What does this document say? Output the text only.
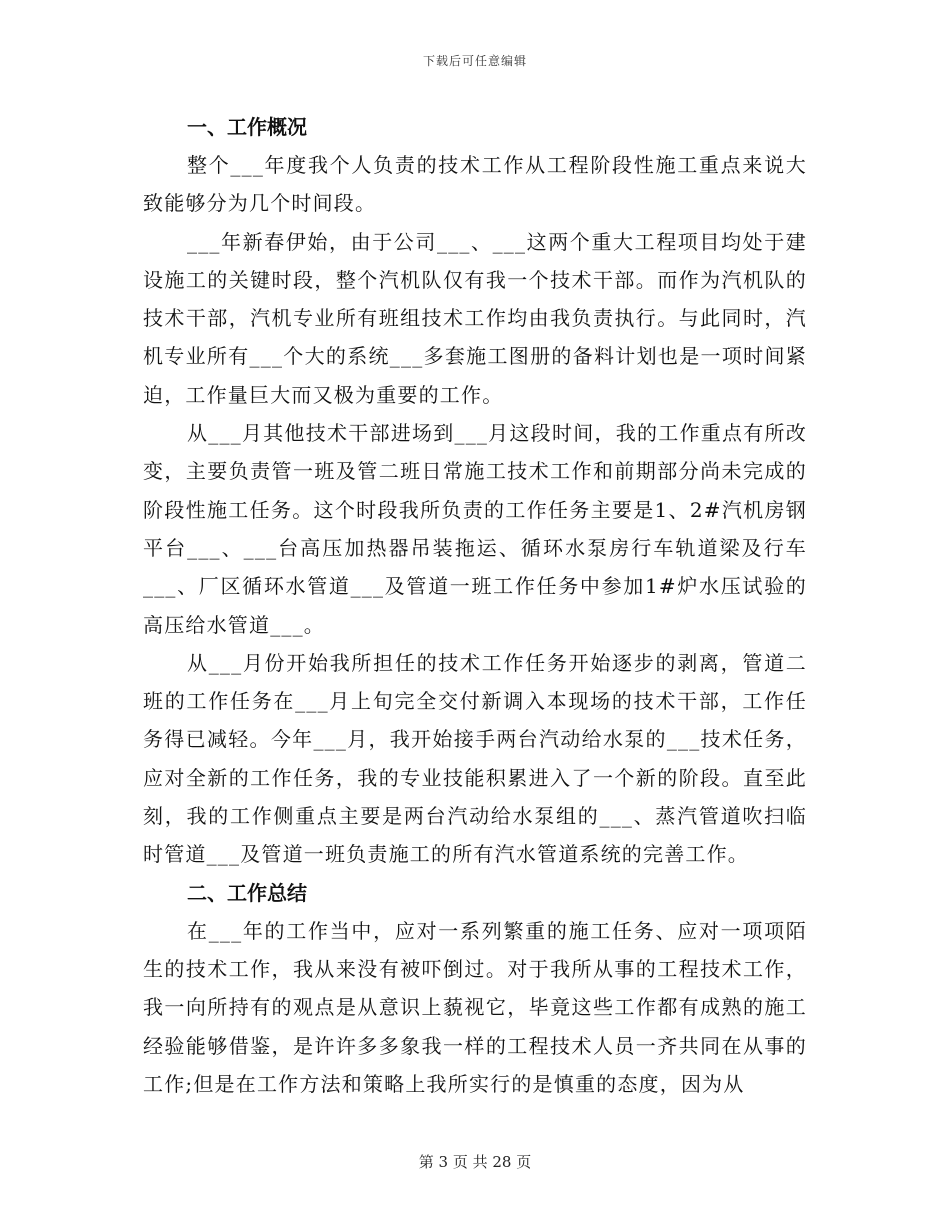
下载后可任意编辑
一、工作概况

整个___年度我个人负责的技术工作从工程阶段性施工重点来说大致能够分为几个时间段。

___年新春伊始，由于公司___、___这两个重大工程项目均处于建设施工的关键时段，整个汽机队仅有我一个技术干部。而作为汽机队的技术干部，汽机专业所有班组技术工作均由我负责执行。与此同时，汽机专业所有___个大的系统___多套施工图册的备料计划也是一项时间紧迫，工作量巨大而又极为重要的工作。

从___月其他技术干部进场到___月这段时间，我的工作重点有所改变，主要负责管一班及管二班日常施工技术工作和前期部分尚未完成的阶段性施工任务。这个时段我所负责的工作任务主要是1、2#汽机房钢平台___、___台高压加热器吊装拖运、循环水泵房行车轨道梁及行车___、厂区循环水管道___及管道一班工作任务中参加1#炉水压试验的高压给水管道___。

从___月份开始我所担任的技术工作任务开始逐步的剥离，管道二班的工作任务在___月上旬完全交付新调入本现场的技术干部，工作任务得已减轻。今年___月，我开始接手两台汽动给水泵的___技术任务，应对全新的工作任务，我的专业技能积累进入了一个新的阶段。直至此刻，我的工作侧重点主要是两台汽动给水泵组的___、蒸汽管道吹扫临时管道___及管道一班负责施工的所有汽水管道系统的完善工作。

二、工作总结

在___年的工作当中，应对一系列繁重的施工任务、应对一项项陌生的技术工作，我从来没有被吓倒过。对于我所从事的工程技术工作，我一向所持有的观点是从意识上藐视它，毕竟这些工作都有成熟的施工经验能够借鉴，是许许多多象我一样的工程技术人员一齐共同在从事的工作;但是在工作方法和策略上我所实行的是慎重的态度，因为从

第 3 页 共 28 页
